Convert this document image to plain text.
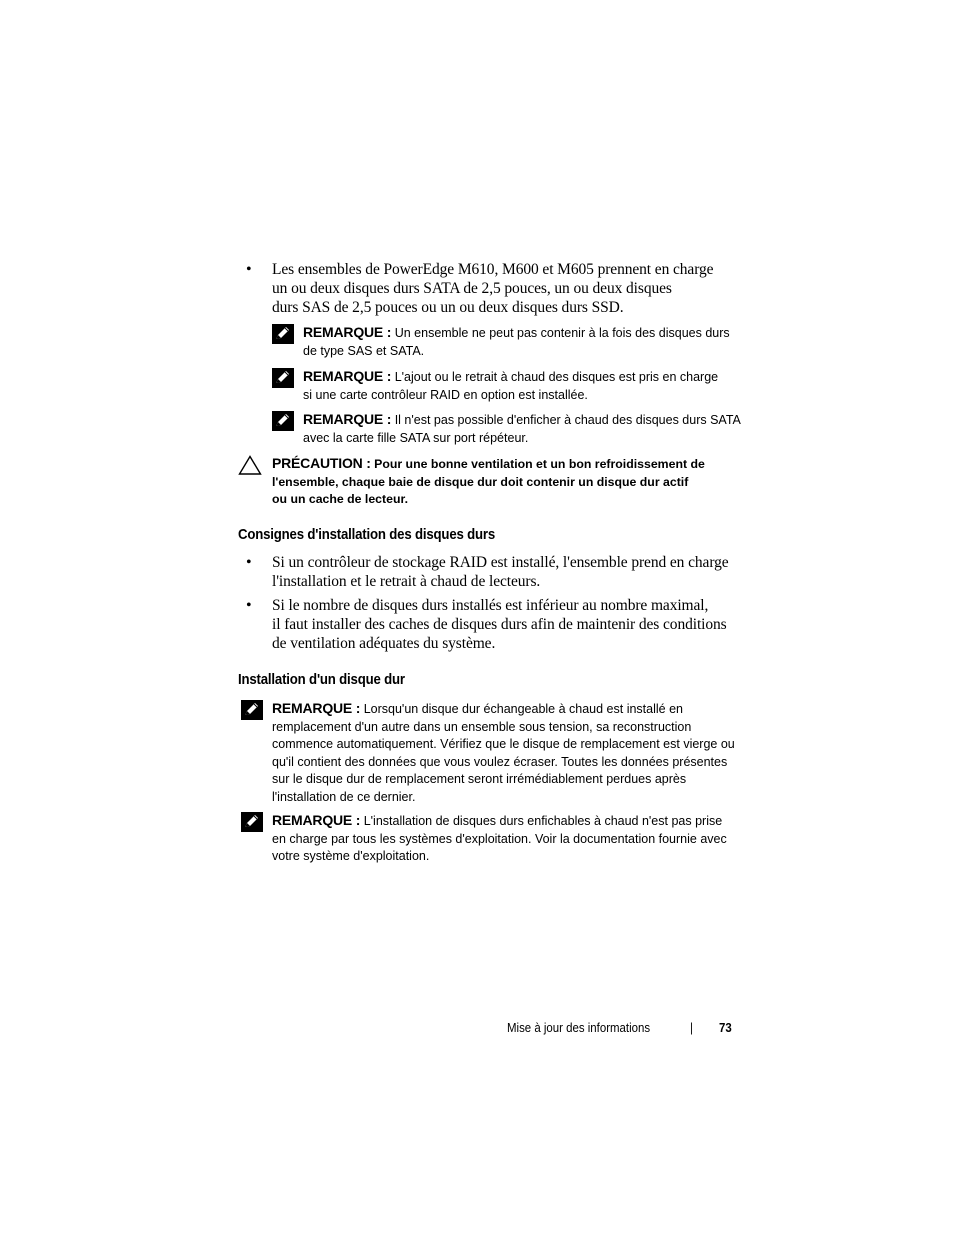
• Les ensembles de PowerEdge M610, M600 et M605 prennent en charge
un ou deux disques durs SATA de 2,5 pouces, un ou deux disques
durs SAS de 2,5 pouces ou un ou deux disques durs SSD.
REMARQUE : Un ensemble ne peut pas contenir à la fois des disques durs
de type SAS et SATA.
REMARQUE : L'ajout ou le retrait à chaud des disques est pris en charge
si une carte contrôleur RAID en option est installée.
REMARQUE : Il n'est pas possible d'enficher à chaud des disques durs SATA
avec la carte fille SATA sur port répéteur.
PRÉCAUTION : Pour une bonne ventilation et un bon refroidissement de
l'ensemble, chaque baie de disque dur doit contenir un disque dur actif
ou un cache de lecteur.
Consignes d'installation des disques durs
• Si un contrôleur de stockage RAID est installé, l'ensemble prend en charge
l'installation et le retrait à chaud de lecteurs.
• Si le nombre de disques durs installés est inférieur au nombre maximal,
il faut installer des caches de disques durs afin de maintenir des conditions
de ventilation adéquates du système.
Installation d'un disque dur
REMARQUE : Lorsqu'un disque dur échangeable à chaud est installé en
remplacement d'un autre dans un ensemble sous tension, sa reconstruction
commence automatiquement. Vérifiez que le disque de remplacement est vierge ou
qu'il contient des données que vous voulez écraser. Toutes les données présentes
sur le disque dur de remplacement seront irrémédiablement perdues après
l'installation de ce dernier.
REMARQUE : L'installation de disques durs enfichables à chaud n'est pas prise
en charge par tous les systèmes d'exploitation. Voir la documentation fournie avec
votre système d'exploitation.
Mise à jour des informations	| 73
